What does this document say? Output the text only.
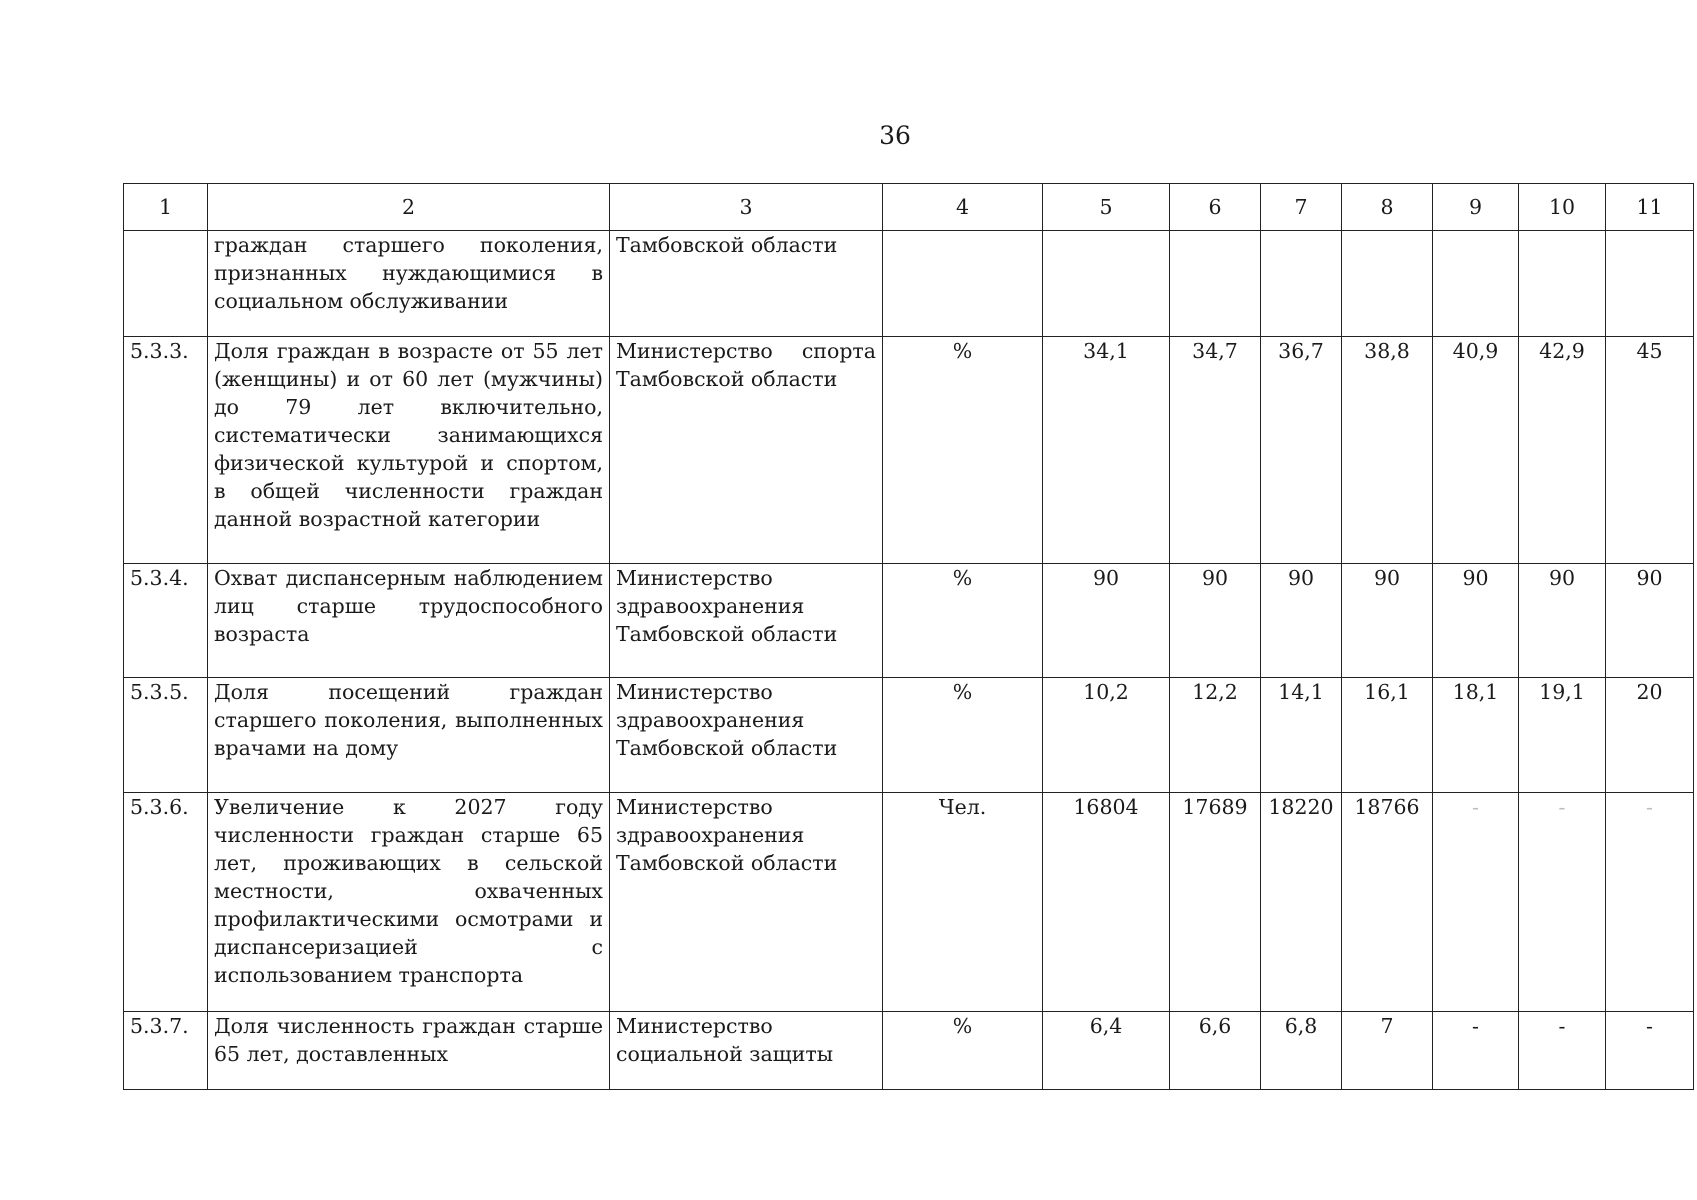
36
1	2	3	4	5	6	7	8	9	10	11
	граждан старшего поколения, признанных нуждающимися в социальном обслуживании	Тамбовской области								
5.3.3.	Доля граждан в возрасте от 55 лет (женщины) и от 60 лет (мужчины) до 79 лет включительно, систематически занимающихся физической культурой и спортом, в общей численности граждан данной возрастной категории	Министерство спорта Тамбовской области	%	34,1	34,7	36,7	38,8	40,9	42,9	45
5.3.4.	Охват диспансерным наблюдением лиц старше трудоспособного возраста	Министерство здравоохранения Тамбовской области	%	90	90	90	90	90	90	90
5.3.5.	Доля посещений граждан старшего поколения, выполненных врачами на дому	Министерство здравоохранения Тамбовской области	%	10,2	12,2	14,1	16,1	18,1	19,1	20
5.3.6.	Увеличение к 2027 году численности граждан старше 65 лет, проживающих в сельской местности, охваченных профилактическими осмотрами и диспансеризацией с использованием транспорта	Министерство здравоохранения Тамбовской области	Чел.	16804	17689	18220	18766	-	-	-
5.3.7.	Доля численность граждан старше 65 лет, доставленных	Министерство социальной защиты	%	6,4	6,6	6,8	7	-	-	-
